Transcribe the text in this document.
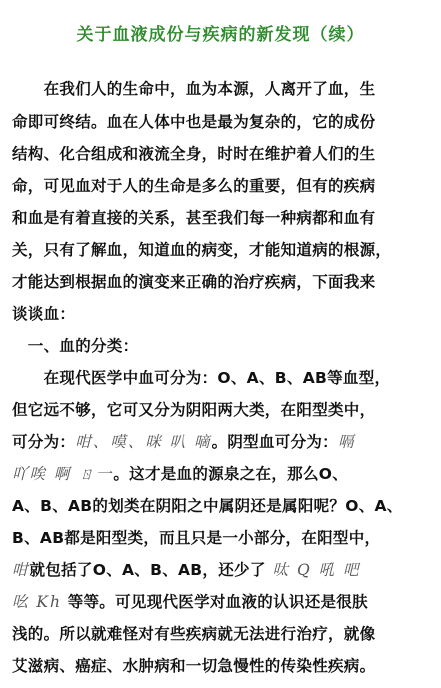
关于血液成份与疾病的新发现（续）
　　在我们人的生命中，血为本源，人离开了血，生
命即可终结。血在人体中也是最为复杂的，它的成份
结构、化合组成和液流全身，时时在维护着人们的生
命，可见血对于人的生命是多么的重要，但有的疾病
和血是有着直接的关系，甚至我们每一种病都和血有
关，只有了解血，知道血的病变，才能知道病的根源，
才能达到根据血的演变来正确的治疗疾病，下面我来
谈谈血：
　一、血的分类：
　　在现代医学中血可分为：O、A、B、AB等血型，
但它远不够，它可又分为阴阳两大类，在阳型类中，
可分为：咁、嗼、咪 叭 嘀。阴型血可分为：嗝
吖唉 啊 ㄖ一。这才是血的源泉之在，那么O、
A、B、AB的划类在阴阳之中属阴还是属阳呢？O、A、
B、AB都是阳型类，而且只是一小部分，在阳型中，
咁就包括了O、A、B、AB，还少了 呔 Q 吼 吧
吆 Kh 等等。可见现代医学对血液的认识还是很肤
浅的。所以就难怪对有些疾病就无法进行治疗，就像
艾滋病、癌症、水肿病和一切急慢性的传染性疾病。
